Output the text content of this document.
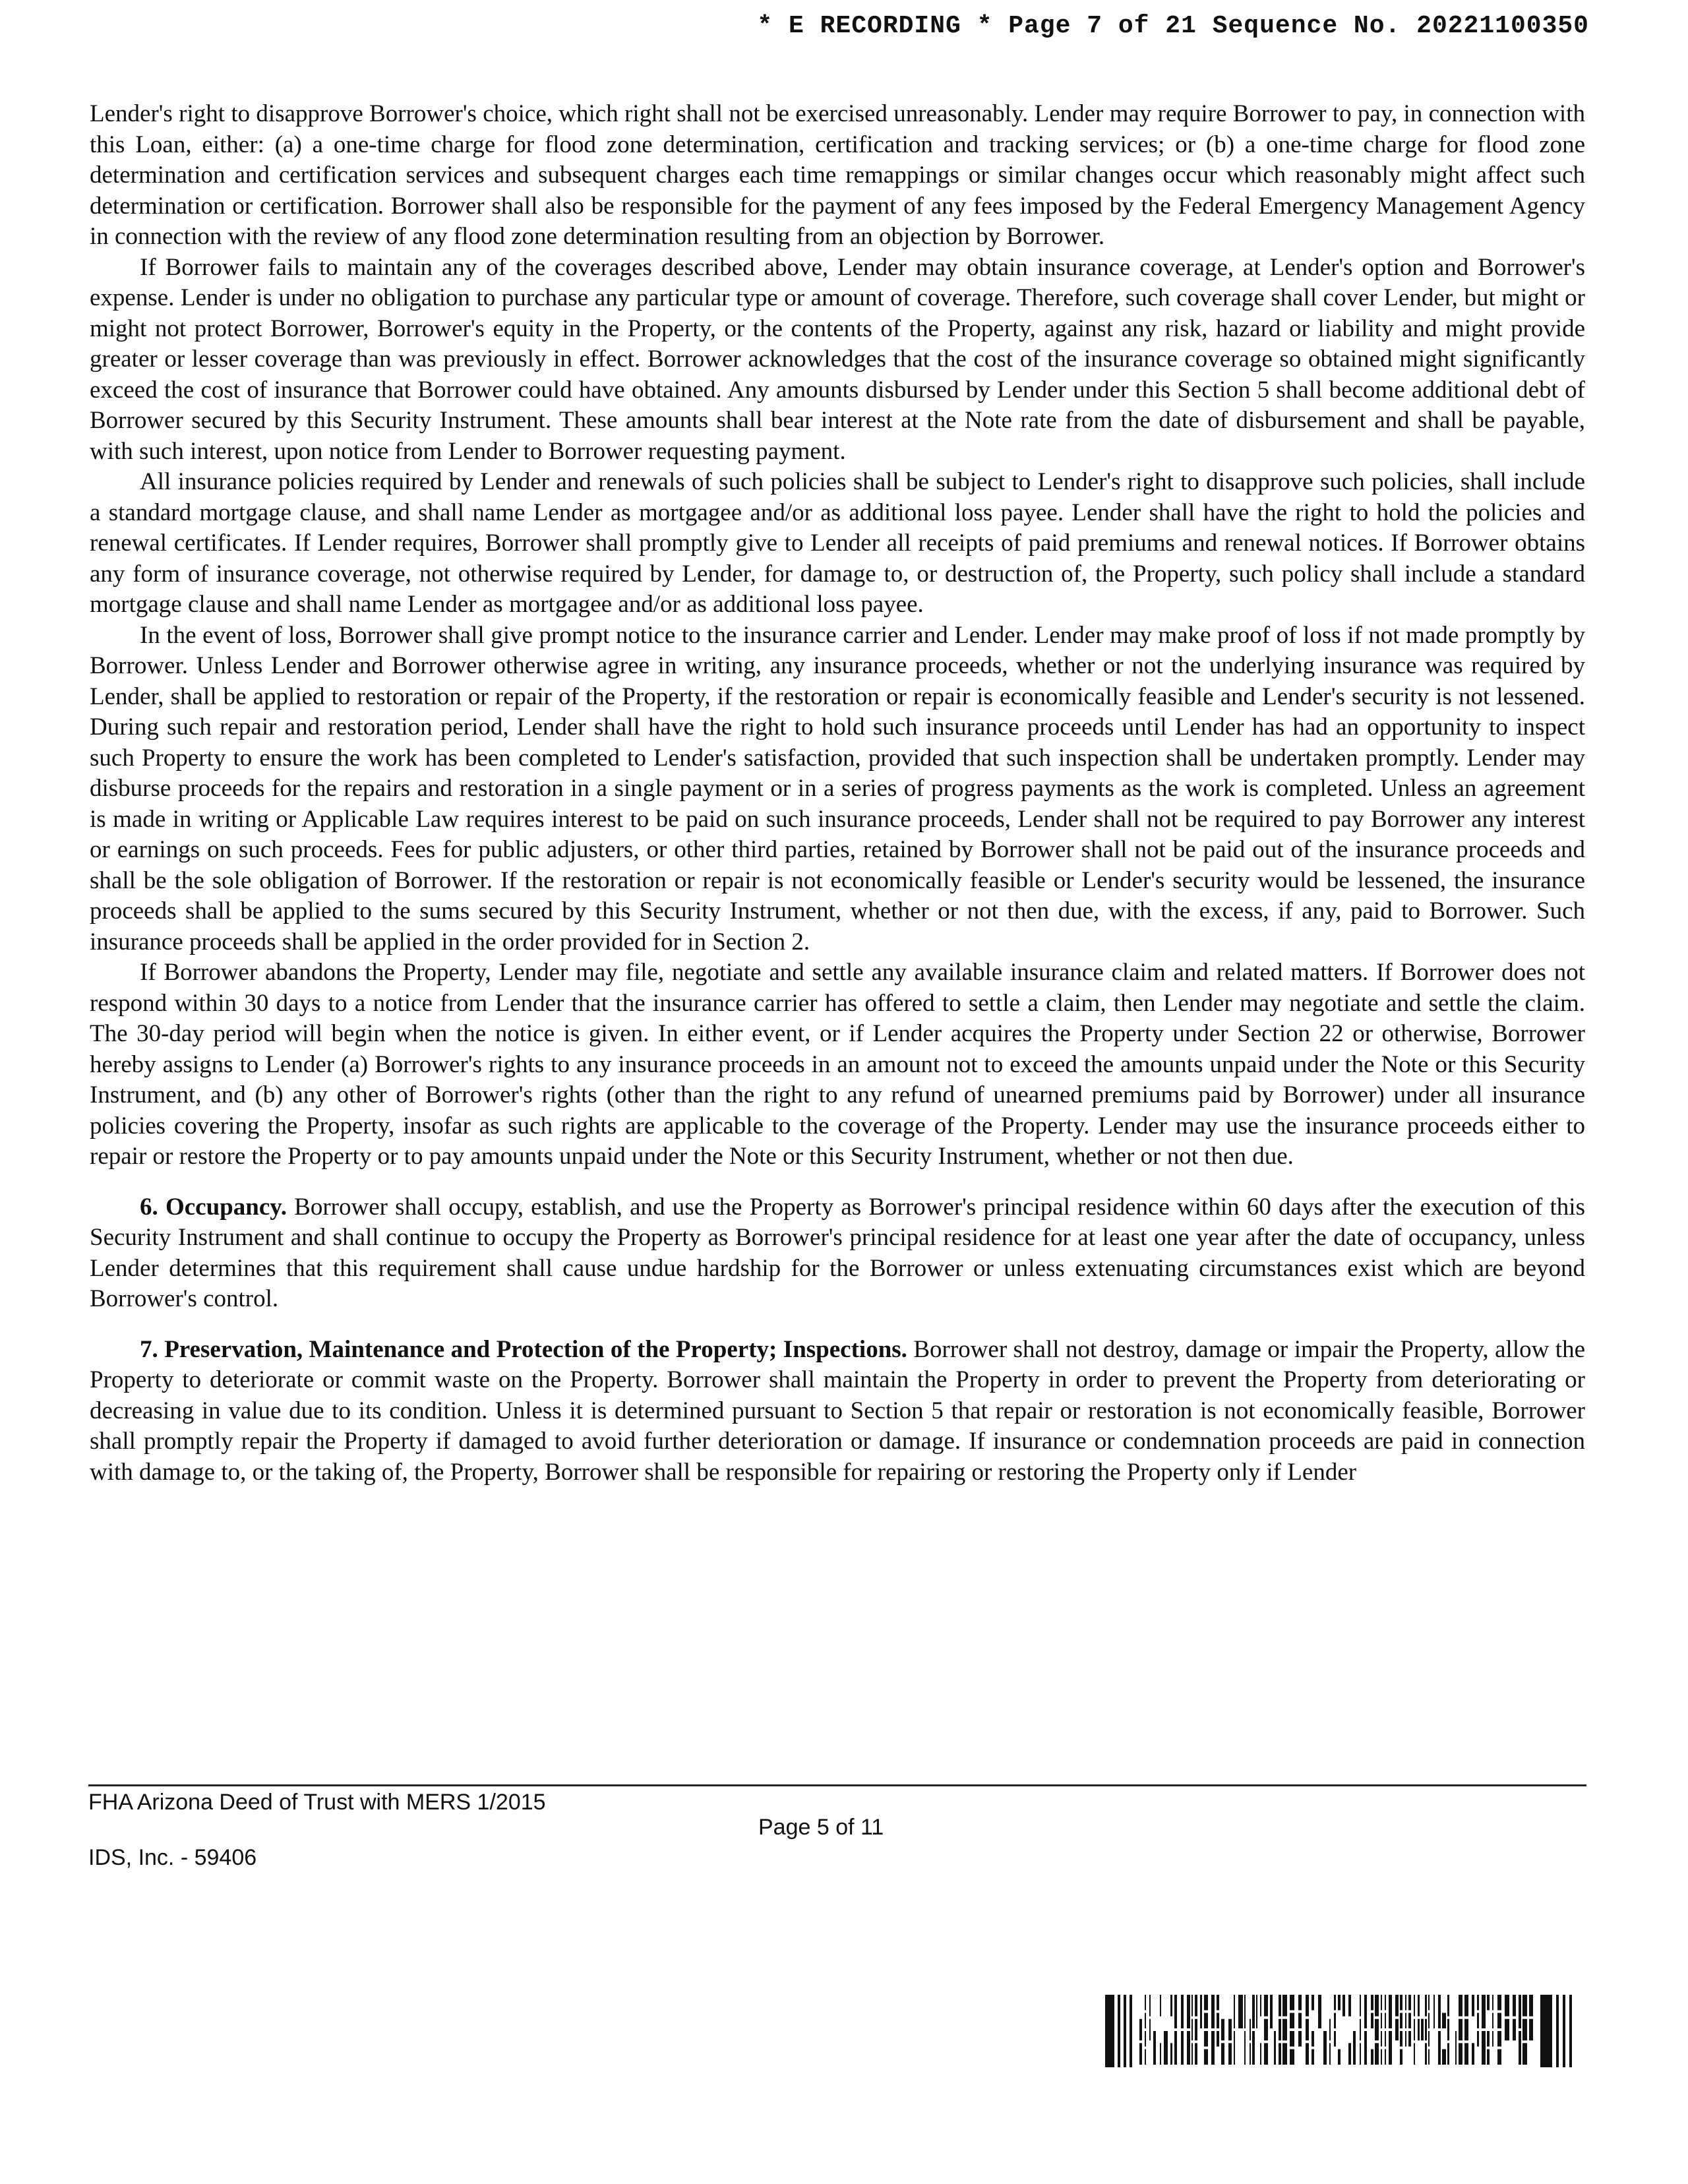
* E RECORDING * Page 7 of 21 Sequence No. 20221100350

Lender's right to disapprove Borrower's choice, which right shall not be exercised unreasonably. Lender may require Borrower to pay, in connection with this Loan, either: (a) a one-time charge for flood zone determination, certification and tracking services; or (b) a one-time charge for flood zone determination and certification services and subsequent charges each time remappings or similar changes occur which reasonably might affect such determination or certification. Borrower shall also be responsible for the payment of any fees imposed by the Federal Emergency Management Agency in connection with the review of any flood zone determination resulting from an objection by Borrower.

If Borrower fails to maintain any of the coverages described above, Lender may obtain insurance coverage, at Lender's option and Borrower's expense. Lender is under no obligation to purchase any particular type or amount of coverage. Therefore, such coverage shall cover Lender, but might or might not protect Borrower, Borrower's equity in the Property, or the contents of the Property, against any risk, hazard or liability and might provide greater or lesser coverage than was previously in effect. Borrower acknowledges that the cost of the insurance coverage so obtained might significantly exceed the cost of insurance that Borrower could have obtained. Any amounts disbursed by Lender under this Section 5 shall become additional debt of Borrower secured by this Security Instrument. These amounts shall bear interest at the Note rate from the date of disbursement and shall be payable, with such interest, upon notice from Lender to Borrower requesting payment.

All insurance policies required by Lender and renewals of such policies shall be subject to Lender's right to disapprove such policies, shall include a standard mortgage clause, and shall name Lender as mortgagee and/or as additional loss payee. Lender shall have the right to hold the policies and renewal certificates. If Lender requires, Borrower shall promptly give to Lender all receipts of paid premiums and renewal notices. If Borrower obtains any form of insurance coverage, not otherwise required by Lender, for damage to, or destruction of, the Property, such policy shall include a standard mortgage clause and shall name Lender as mortgagee and/or as additional loss payee.

In the event of loss, Borrower shall give prompt notice to the insurance carrier and Lender. Lender may make proof of loss if not made promptly by Borrower. Unless Lender and Borrower otherwise agree in writing, any insurance proceeds, whether or not the underlying insurance was required by Lender, shall be applied to restoration or repair of the Property, if the restoration or repair is economically feasible and Lender's security is not lessened. During such repair and restoration period, Lender shall have the right to hold such insurance proceeds until Lender has had an opportunity to inspect such Property to ensure the work has been completed to Lender's satisfaction, provided that such inspection shall be undertaken promptly. Lender may disburse proceeds for the repairs and restoration in a single payment or in a series of progress payments as the work is completed. Unless an agreement is made in writing or Applicable Law requires interest to be paid on such insurance proceeds, Lender shall not be required to pay Borrower any interest or earnings on such proceeds. Fees for public adjusters, or other third parties, retained by Borrower shall not be paid out of the insurance proceeds and shall be the sole obligation of Borrower. If the restoration or repair is not economically feasible or Lender's security would be lessened, the insurance proceeds shall be applied to the sums secured by this Security Instrument, whether or not then due, with the excess, if any, paid to Borrower. Such insurance proceeds shall be applied in the order provided for in Section 2.

If Borrower abandons the Property, Lender may file, negotiate and settle any available insurance claim and related matters. If Borrower does not respond within 30 days to a notice from Lender that the insurance carrier has offered to settle a claim, then Lender may negotiate and settle the claim. The 30-day period will begin when the notice is given. In either event, or if Lender acquires the Property under Section 22 or otherwise, Borrower hereby assigns to Lender (a) Borrower's rights to any insurance proceeds in an amount not to exceed the amounts unpaid under the Note or this Security Instrument, and (b) any other of Borrower's rights (other than the right to any refund of unearned premiums paid by Borrower) under all insurance policies covering the Property, insofar as such rights are applicable to the coverage of the Property. Lender may use the insurance proceeds either to repair or restore the Property or to pay amounts unpaid under the Note or this Security Instrument, whether or not then due.

6. Occupancy. Borrower shall occupy, establish, and use the Property as Borrower's principal residence within 60 days after the execution of this Security Instrument and shall continue to occupy the Property as Borrower's principal residence for at least one year after the date of occupancy, unless Lender determines that this requirement shall cause undue hardship for the Borrower or unless extenuating circumstances exist which are beyond Borrower's control.

7. Preservation, Maintenance and Protection of the Property; Inspections. Borrower shall not destroy, damage or impair the Property, allow the Property to deteriorate or commit waste on the Property. Borrower shall maintain the Property in order to prevent the Property from deteriorating or decreasing in value due to its condition. Unless it is determined pursuant to Section 5 that repair or restoration is not economically feasible, Borrower shall promptly repair the Property if damaged to avoid further deterioration or damage. If insurance or condemnation proceeds are paid in connection with damage to, or the taking of, the Property, Borrower shall be responsible for repairing or restoring the Property only if Lender

FHA Arizona Deed of Trust with MERS 1/2015
Page 5 of 11
IDS, Inc. - 59406
